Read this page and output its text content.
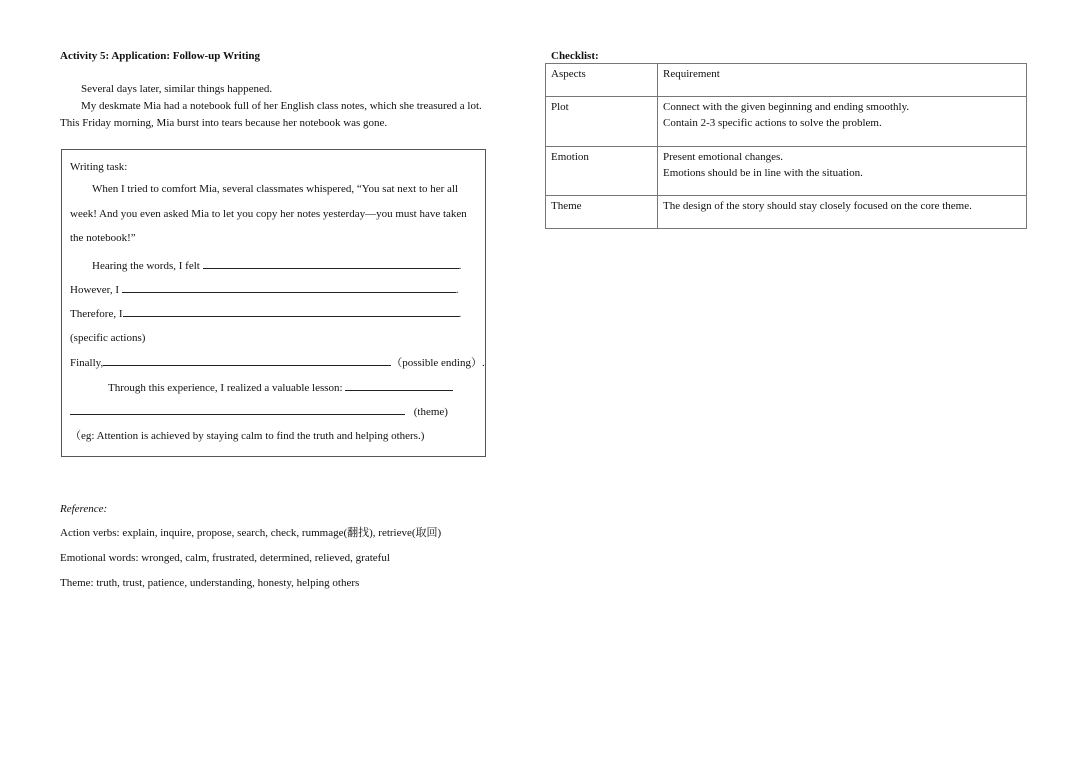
Activity 5: Application: Follow-up Writing

Several days later, similar things happened.

My deskmate Mia had a notebook full of her English class notes, which she treasured a lot. This Friday morning, Mia burst into tears because her notebook was gone.

Writing task:
When I tried to comfort Mia, several classmates whispered, “You sat next to her all
week! And you even asked Mia to let you copy her notes yesterday—you must have taken
the notebook!”
Hearing the words, I felt	.
However, I	.
Therefore, I	.
(specific actions)
Finally,	（possible ending）.
Through this experience, I realized a valuable lesson:
(theme)
（eg: Attention is achieved by staying calm to find the truth and helping others.)
Reference:
Action verbs: explain, inquire, propose, search, check, rummage(翻找), retrieve(取回)
Emotional words: wronged, calm, frustrated, determined, relieved, grateful
Theme: truth, trust, patience, understanding, honesty, helping others
Checklist:
Aspects	Requirement
Plot	Connect with the given beginning and ending smoothly.
Contain 2-3 specific actions to solve the problem.

Emotion	Present emotional changes.
Emotions should be in line with the situation.

Theme	The design of the story should stay closely focused on the core theme.
